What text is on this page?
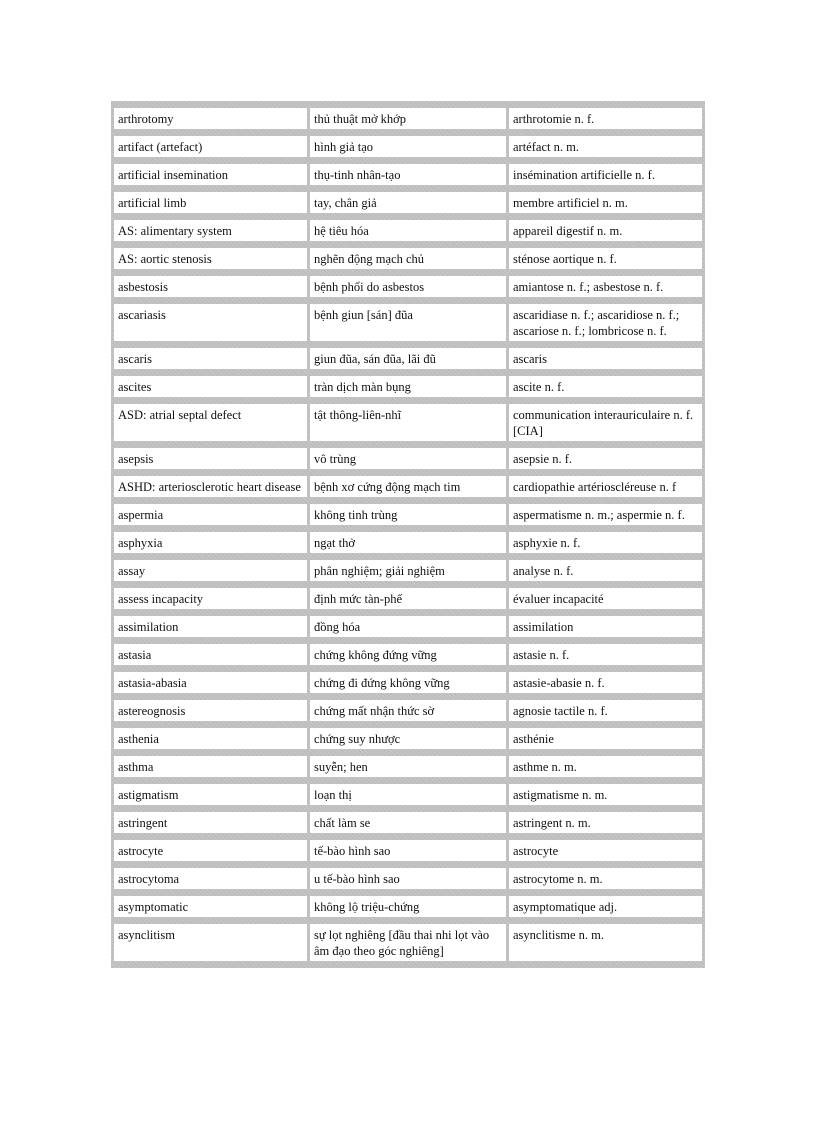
arthrotomy	thủ thuật mở khớp	arthrotomie n. f.
artifact (artefact)	hình giả tạo	artéfact n. m.
artificial insemination	thụ-tinh nhân-tạo	insémination artificielle n. f.
artificial limb	tay, chân giả	membre artificiel n. m.
AS: alimentary system	hệ tiêu hóa	appareil digestif n. m.
AS: aortic stenosis	nghẽn động mạch chủ	sténose aortique n. f.
asbestosis	bệnh phổi do asbestos	amiantose n. f.; asbestose n. f.
ascariasis	bệnh giun [sán] đũa	ascaridiase n. f.; ascaridiose n. f.; ascariose n. f.; lombricose n. f.
ascaris	giun đũa, sán đũa, lãi đũ	ascaris
ascites	tràn dịch màn bụng	ascite n. f.
ASD: atrial septal defect	tật thông-liên-nhĩ	communication interauriculaire n. f. [CIA]
asepsis	vô trùng	asepsie n. f.
ASHD: arteriosclerotic heart disease	bệnh xơ cứng động mạch tim	cardiopathie artérioscléreuse n. f
aspermia	không tinh trùng	aspermatisme n. m.; aspermie n. f.
asphyxia	ngạt thở	asphyxie n. f.
assay	phân nghiệm; giải nghiệm	analyse n. f.
assess incapacity	định mức tàn-phế	évaluer incapacité
assimilation	đồng hóa	assimilation
astasia	chứng không đứng vững	astasie n. f.
astasia-abasia	chứng đi đứng không vững	astasie-abasie n. f.
astereognosis	chứng mất nhận thức sờ	agnosie tactile n. f.
asthenia	chứng suy nhược	asthénie
asthma	suyễn; hen	asthme n. m.
astigmatism	loạn thị	astigmatisme n. m.
astringent	chất làm se	astringent n. m.
astrocyte	tế-bào hình sao	astrocyte
astrocytoma	u tế-bào hình sao	astrocytome n. m.
asymptomatic	không lộ triệu-chứng	asymptomatique adj.
asynclitism	sự lọt nghiêng [đầu thai nhi lọt vào âm đạo theo góc nghiêng]	asynclitisme n. m.
